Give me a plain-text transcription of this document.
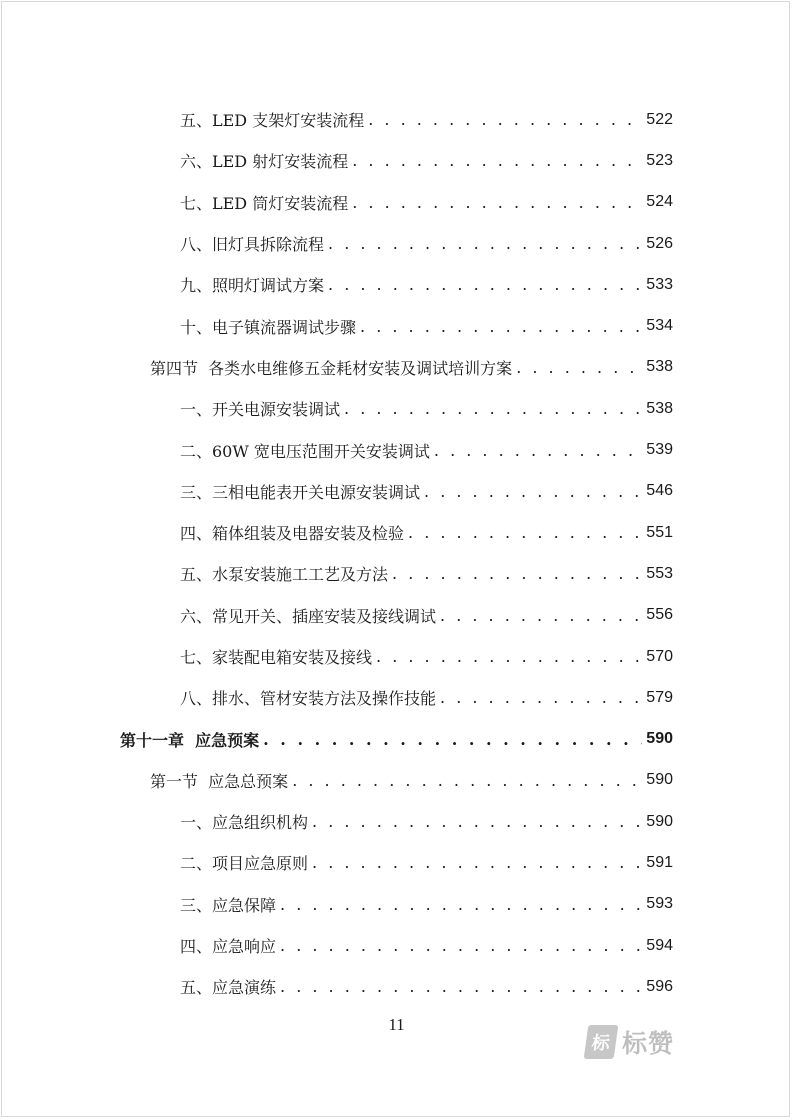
五、LED 支架灯安装流程 . . .	522
六、LED 射灯安装流程 . . .	523
七、LED 筒灯安装流程 . . .	524
八、旧灯具拆除流程 . . .	526
九、照明灯调试方案 . . .	533
十、电子镇流器调试步骤 . . .	534
第四节  各类水电维修五金耗材安装及调试培训方案 . . .	538
一、开关电源安装调试 . . .	538
二、60W 宽电压范围开关安装调试 . . .	539
三、三相电能表开关电源安装调试 . . .	546
四、箱体组装及电器安装及检验 . . .	551
五、水泵安装施工工艺及方法 . . .	553
六、常见开关、插座安装及接线调试 . . .	556
七、家装配电箱安装及接线 . . .	570
八、排水、管材安装方法及操作技能 . . .	579
第十一章  应急预案 . . .	590
第一节  应急总预案 . . .	590
一、应急组织机构 . . .	590
二、项目应急原则 . . .	591
三、应急保障 . . .	593
四、应急响应 . . .	594
五、应急演练 . . .	596
11
标 标赞
